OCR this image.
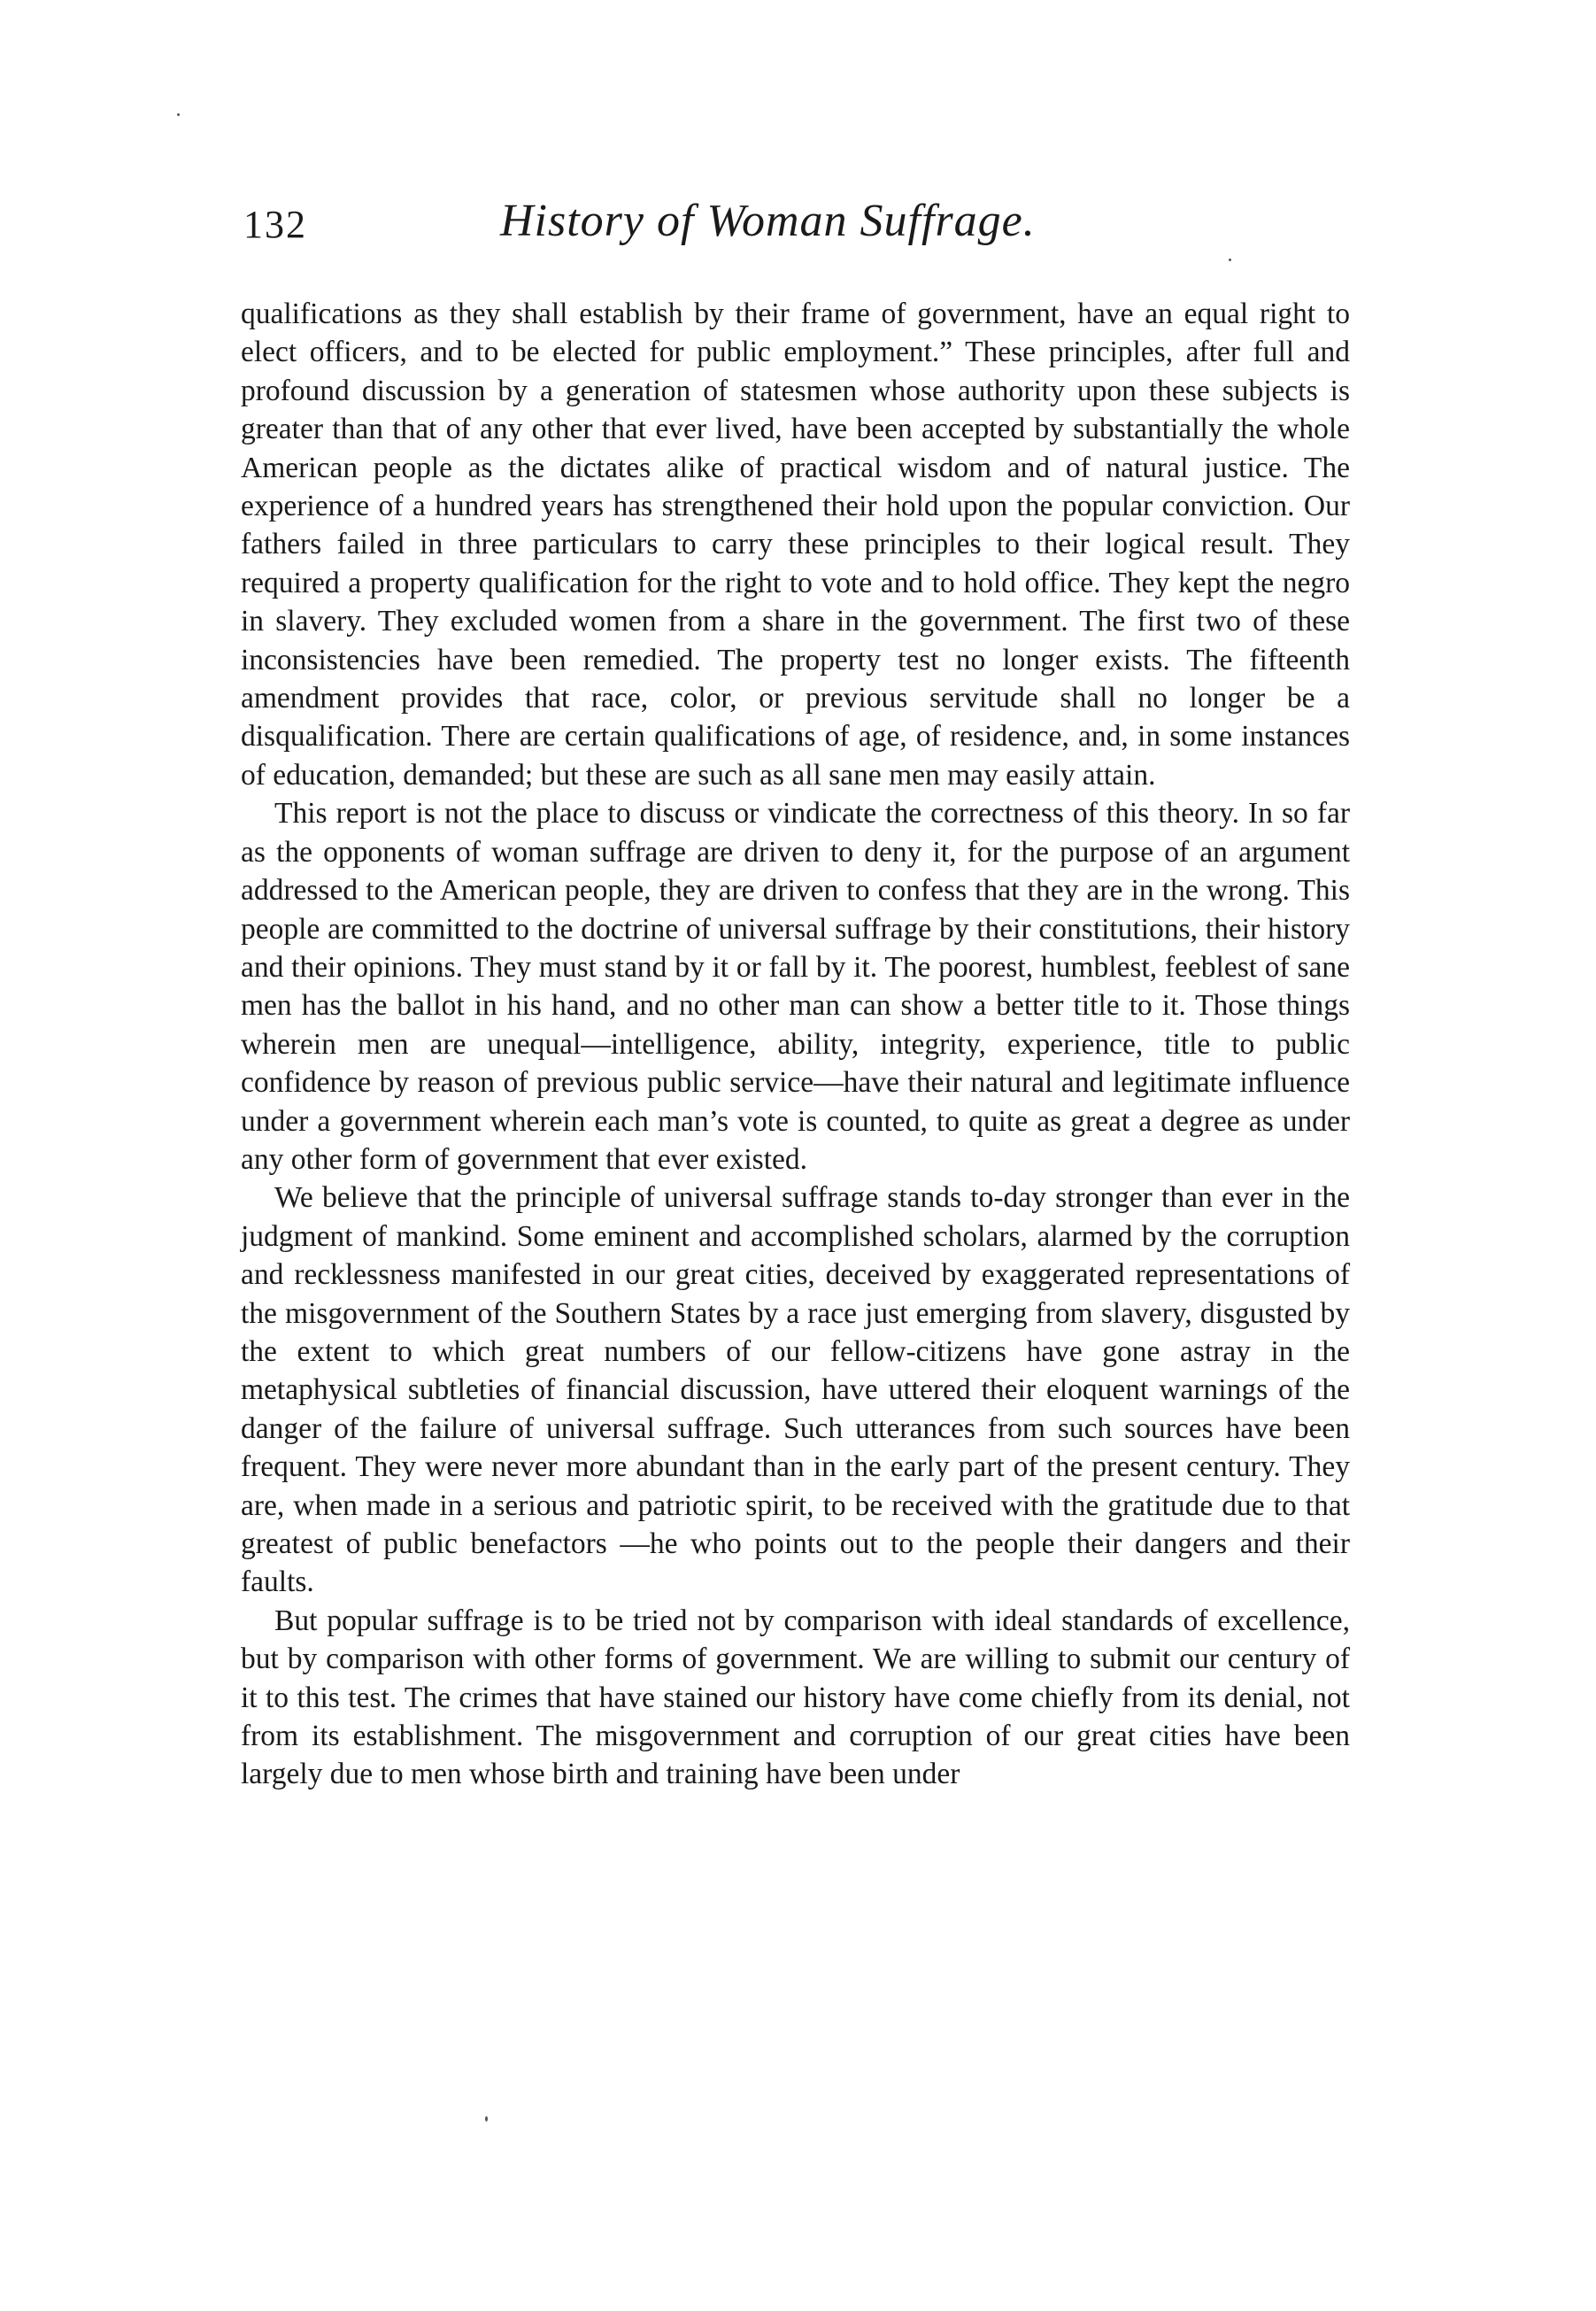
132	History of Woman Suffrage.

qualifications as they shall establish by their frame of government, have an equal right to elect officers, and to be elected for public employment.” These principles, after full and profound discussion by a generation of statesmen whose authority upon these subjects is greater than that of any other that ever lived, have been accepted by substantially the whole American people as the dictates alike of practical wisdom and of natural justice. The experience of a hundred years has strengthened their hold upon the popular conviction. Our fathers failed in three particulars to carry these principles to their logical result. They required a property qualification for the right to vote and to hold office. They kept the negro in slavery. They excluded women from a share in the government. The first two of these inconsistencies have been remedied. The property test no longer exists. The fifteenth amendment provides that race, color, or previous servitude shall no longer be a disqualification. There are certain qualifications of age, of residence, and, in some instances of education, demanded; but these are such as all sane men may easily attain.

This report is not the place to discuss or vindicate the correctness of this theory. In so far as the opponents of woman suffrage are driven to deny it, for the purpose of an argument addressed to the American people, they are driven to confess that they are in the wrong. This people are committed to the doctrine of universal suffrage by their constitutions, their history and their opinions. They must stand by it or fall by it. The poorest, humblest, feeblest of sane men has the ballot in his hand, and no other man can show a better title to it. Those things wherein men are unequal—intelligence, ability, integrity, experience, title to public confidence by reason of previous public service—have their natural and legitimate influence under a government wherein each man’s vote is counted, to quite as great a degree as under any other form of government that ever existed.

We believe that the principle of universal suffrage stands to-day stronger than ever in the judgment of mankind. Some eminent and accomplished scholars, alarmed by the corruption and recklessness manifested in our great cities, deceived by exaggerated representations of the misgovernment of the Southern States by a race just emerging from slavery, disgusted by the extent to which great numbers of our fellow-citizens have gone astray in the metaphysical subtleties of financial discussion, have uttered their eloquent warnings of the danger of the failure of universal suffrage. Such utterances from such sources have been frequent. They were never more abundant than in the early part of the present century. They are, when made in a serious and patriotic spirit, to be received with the gratitude due to that greatest of public benefactors —he who points out to the people their dangers and their faults.

But popular suffrage is to be tried not by comparison with ideal standards of excellence, but by comparison with other forms of government. We are willing to submit our century of it to this test. The crimes that have stained our history have come chiefly from its denial, not from its establishment. The misgovernment and corruption of our great cities have been largely due to men whose birth and training have been under
